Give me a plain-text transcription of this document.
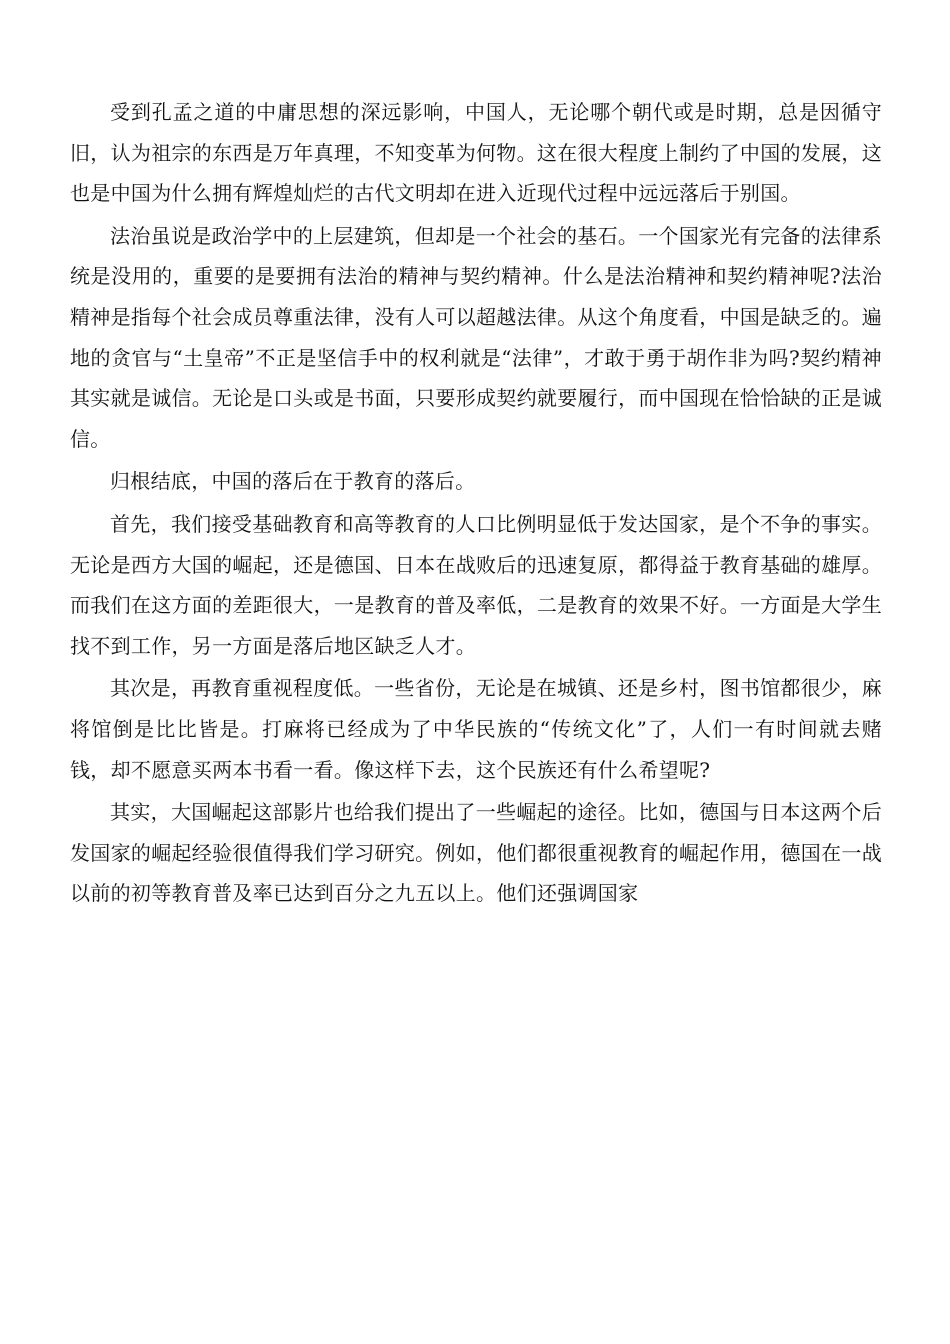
受到孔孟之道的中庸思想的深远影响，中国人，无论哪个朝代或是时期，总是因循守旧，认为祖宗的东西是万年真理，不知变革为何物。这在很大程度上制约了中国的发展，这也是中国为什么拥有辉煌灿烂的古代文明却在进入近现代过程中远远落后于别国。

法治虽说是政治学中的上层建筑，但却是一个社会的基石。一个国家光有完备的法律系统是没用的，重要的是要拥有法治的精神与契约精神。什么是法治精神和契约精神呢?法治精神是指每个社会成员尊重法律，没有人可以超越法律。从这个角度看，中国是缺乏的。遍地的贪官与“土皇帝”不正是坚信手中的权利就是“法律”，才敢于勇于胡作非为吗?契约精神其实就是诚信。无论是口头或是书面，只要形成契约就要履行，而中国现在恰恰缺的正是诚信。

归根结底，中国的落后在于教育的落后。

首先，我们接受基础教育和高等教育的人口比例明显低于发达国家，是个不争的事实。无论是西方大国的崛起，还是德国、日本在战败后的迅速复原，都得益于教育基础的雄厚。而我们在这方面的差距很大，一是教育的普及率低，二是教育的效果不好。一方面是大学生找不到工作，另一方面是落后地区缺乏人才。

其次是，再教育重视程度低。一些省份，无论是在城镇、还是乡村，图书馆都很少，麻将馆倒是比比皆是。打麻将已经成为了中华民族的“传统文化”了，人们一有时间就去赌钱，却不愿意买两本书看一看。像这样下去，这个民族还有什么希望呢?

其实，大国崛起这部影片也给我们提出了一些崛起的途径。比如，德国与日本这两个后发国家的崛起经验很值得我们学习研究。例如，他们都很重视教育的崛起作用，德国在一战以前的初等教育普及率已达到百分之九五以上。他们还强调国家
